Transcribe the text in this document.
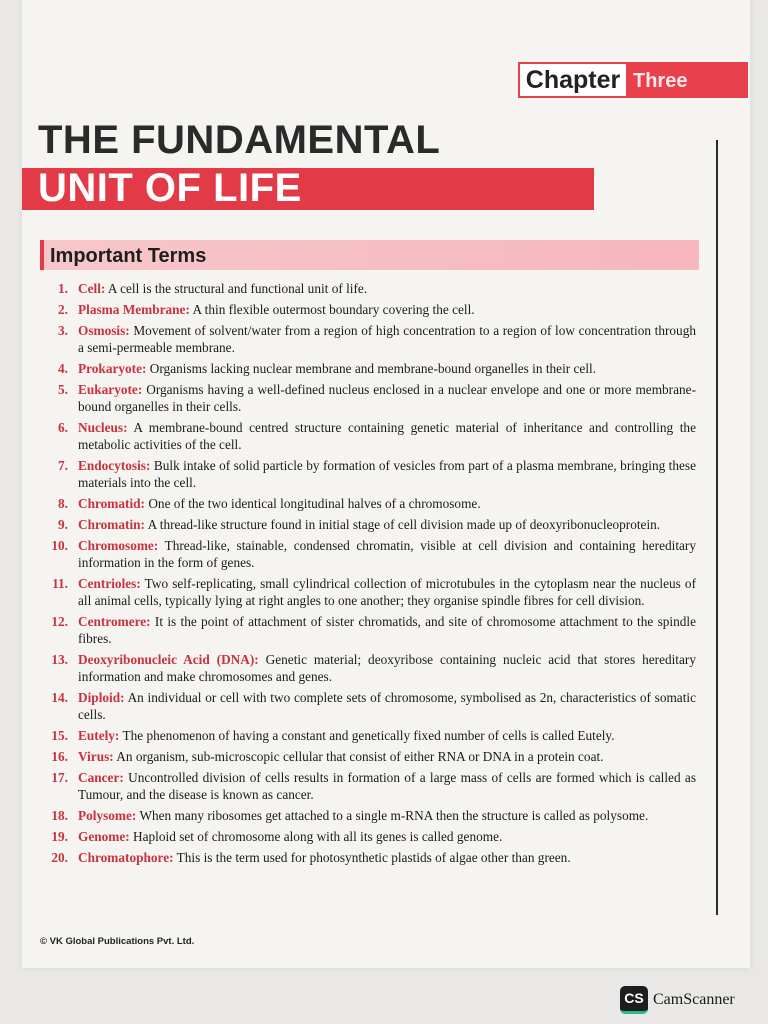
Chapter Three
THE FUNDAMENTAL
UNIT OF LIFE
Important Terms
1. Cell: A cell is the structural and functional unit of life.
2. Plasma Membrane: A thin flexible outermost boundary covering the cell.
3. Osmosis: Movement of solvent/water from a region of high concentration to a region of low concentration through a semi-permeable membrane.
4. Prokaryote: Organisms lacking nuclear membrane and membrane-bound organelles in their cell.
5. Eukaryote: Organisms having a well-defined nucleus enclosed in a nuclear envelope and one or more membrane-bound organelles in their cells.
6. Nucleus: A membrane-bound centred structure containing genetic material of inheritance and controlling the metabolic activities of the cell.
7. Endocytosis: Bulk intake of solid particle by formation of vesicles from part of a plasma membrane, bringing these materials into the cell.
8. Chromatid: One of the two identical longitudinal halves of a chromosome.
9. Chromatin: A thread-like structure found in initial stage of cell division made up of deoxyribonucleoprotein.
10. Chromosome: Thread-like, stainable, condensed chromatin, visible at cell division and containing hereditary information in the form of genes.
11. Centrioles: Two self-replicating, small cylindrical collection of microtubules in the cytoplasm near the nucleus of all animal cells, typically lying at right angles to one another; they organise spindle fibres for cell division.
12. Centromere: It is the point of attachment of sister chromatids, and site of chromosome attachment to the spindle fibres.
13. Deoxyribonucleic Acid (DNA): Genetic material; deoxyribose containing nucleic acid that stores hereditary information and make chromosomes and genes.
14. Diploid: An individual or cell with two complete sets of chromosome, symbolised as 2n, characteristics of somatic cells.
15. Eutely: The phenomenon of having a constant and genetically fixed number of cells is called Eutely.
16. Virus: An organism, sub-microscopic cellular that consist of either RNA or DNA in a protein coat.
17. Cancer: Uncontrolled division of cells results in formation of a large mass of cells are formed which is called as Tumour, and the disease is known as cancer.
18. Polysome: When many ribosomes get attached to a single m-RNA then the structure is called as polysome.
19. Genome: Haploid set of chromosome along with all its genes is called genome.
20. Chromatophore: This is the term used for photosynthetic plastids of algae other than green.
© VK Global Publications Pvt. Ltd.
CS CamScanner
